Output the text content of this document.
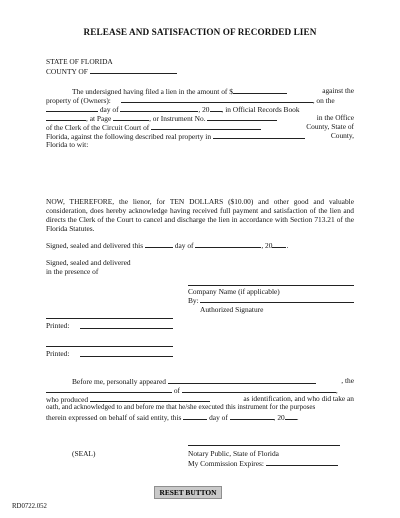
RELEASE AND SATISFACTION OF RECORDED LIEN
STATE OF FLORIDA
COUNTY OF
The undersigned having filed a lien in the amount of $	against the
property of (Owners):	, on the
day of	, 20 , in Official Records Book
, at Page	, or Instrument No.	in the Office
of the Clerk of the Circuit Court of	County, State of
Florida, against the following described real property in	County,
Florida to wit:
NOW, THEREFORE, the lienor, for TEN DOLLARS ($10.00) and other good and valuable consideration, does hereby acknowledge having received full payment and satisfaction of the lien and directs the Clerk of the Court to cancel and discharge the lien in accordance with Section 713.21 of the Florida Statutes.
Signed, sealed and delivered this	day of	, 20 .
Signed, sealed and delivered
in the presence of
Company Name (if applicable)
By:
Authorized Signature
Printed:
Printed:
Before me, personally appeared	, the
of	,
who produced	as identification, and who did take an
oath, and acknowledged to and before me that he/she executed this instrument for the purposes
therein expressed on behalf of said entity, this	day of	, 20 .
(SEAL)	Notary Public, State of Florida
My Commission Expires:
RESET BUTTON
RD0722.052
